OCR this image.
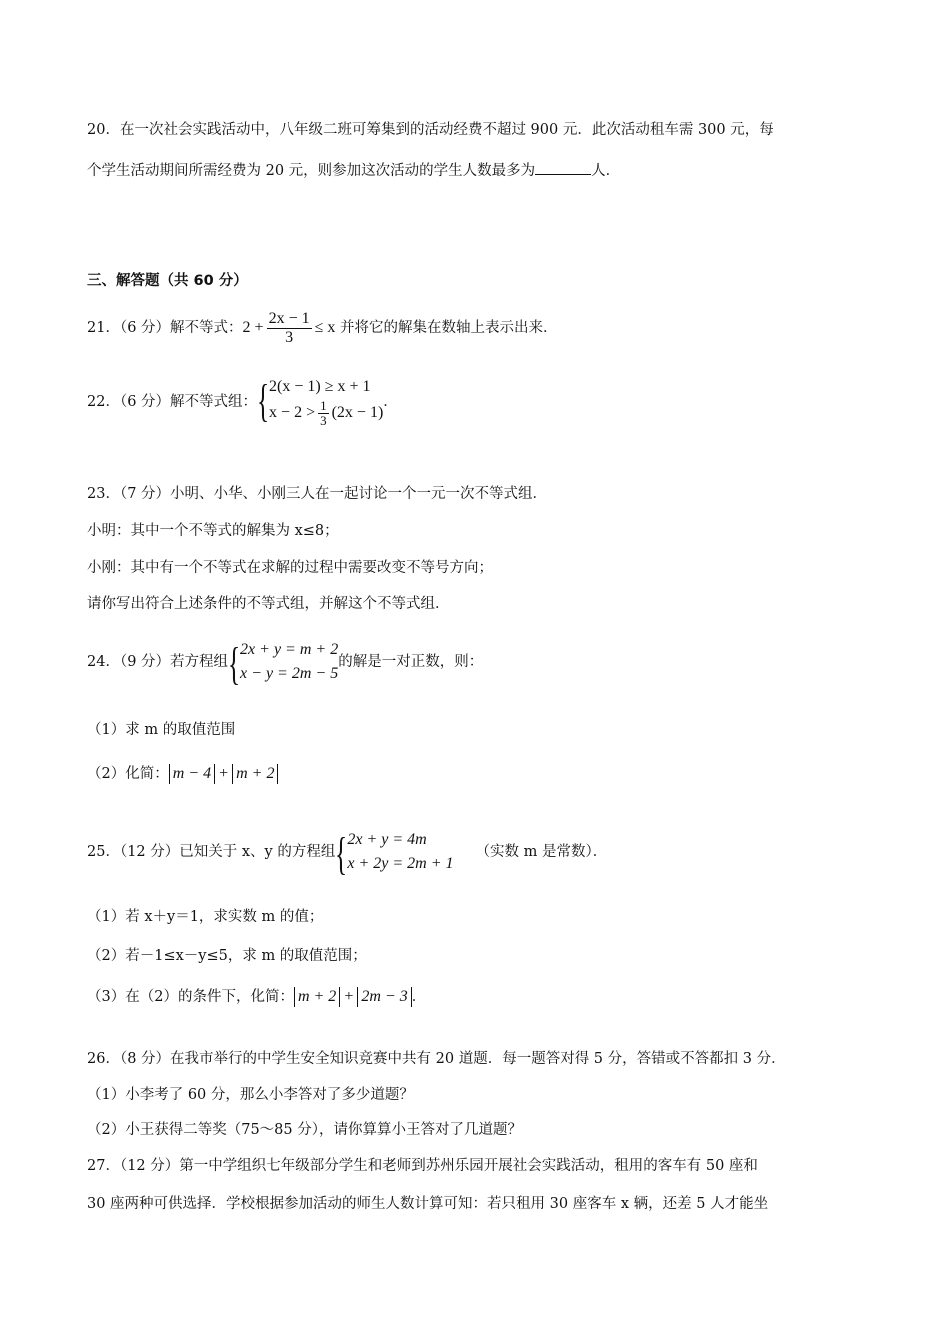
20．在一次社会实践活动中，八年级二班可筹集到的活动经费不超过 900 元．此次活动租车需 300 元，每
个学生活动期间所需经费为 20 元，则参加这次活动的学生人数最多为	人．
三、解答题（共 60 分）
21．（6 分）解不等式：$2 + \frac{2x - 1}{3} \le x$ 并将它的解集在数轴上表示出来．
22．（6 分）解不等式组： { 2(x − 1) ≥ x + 1
$x - 2 > \frac{1}{3} (2x - 1)$
．
23．（7 分）小明、小华、小刚三人在一起讨论一个一元一次不等式组．
小明：其中一个不等式的解集为 x≤8；
小刚：其中有一个不等式在求解的过程中需要改变不等号方向；
请你写出符合上述条件的不等式组，并解这个不等式组．
24．（9 分）若方程组 { 2x + y = m + 2
x − y = 2m − 5
的解是一对正数，则：
（1）求 m 的取值范围
（2）化简： m − 4 + m + 2
25．（12 分）已知关于 x、y 的方程组 { 2x + y = 4m
x + 2y = 2m + 1
（实数 m 是常数）．
（1）若 x＋y＝1，求实数 m 的值；
（2）若－1≤x－y≤5，求 m 的取值范围；
（3）在（2）的条件下，化简： m + 2 + 2m − 3 ．
26．（8 分）在我市举行的中学生安全知识竞赛中共有 20 道题．每一题答对得 5 分，答错或不答都扣 3 分．
（1）小李考了 60 分，那么小李答对了多少道题？
（2）小王获得二等奖（75～85 分），请你算算小王答对了几道题？
27．（12 分）第一中学组织七年级部分学生和老师到苏州乐园开展社会实践活动，租用的客车有 50 座和
30 座两种可供选择．学校根据参加活动的师生人数计算可知：若只租用 30 座客车 x 辆，还差 5 人才能坐
